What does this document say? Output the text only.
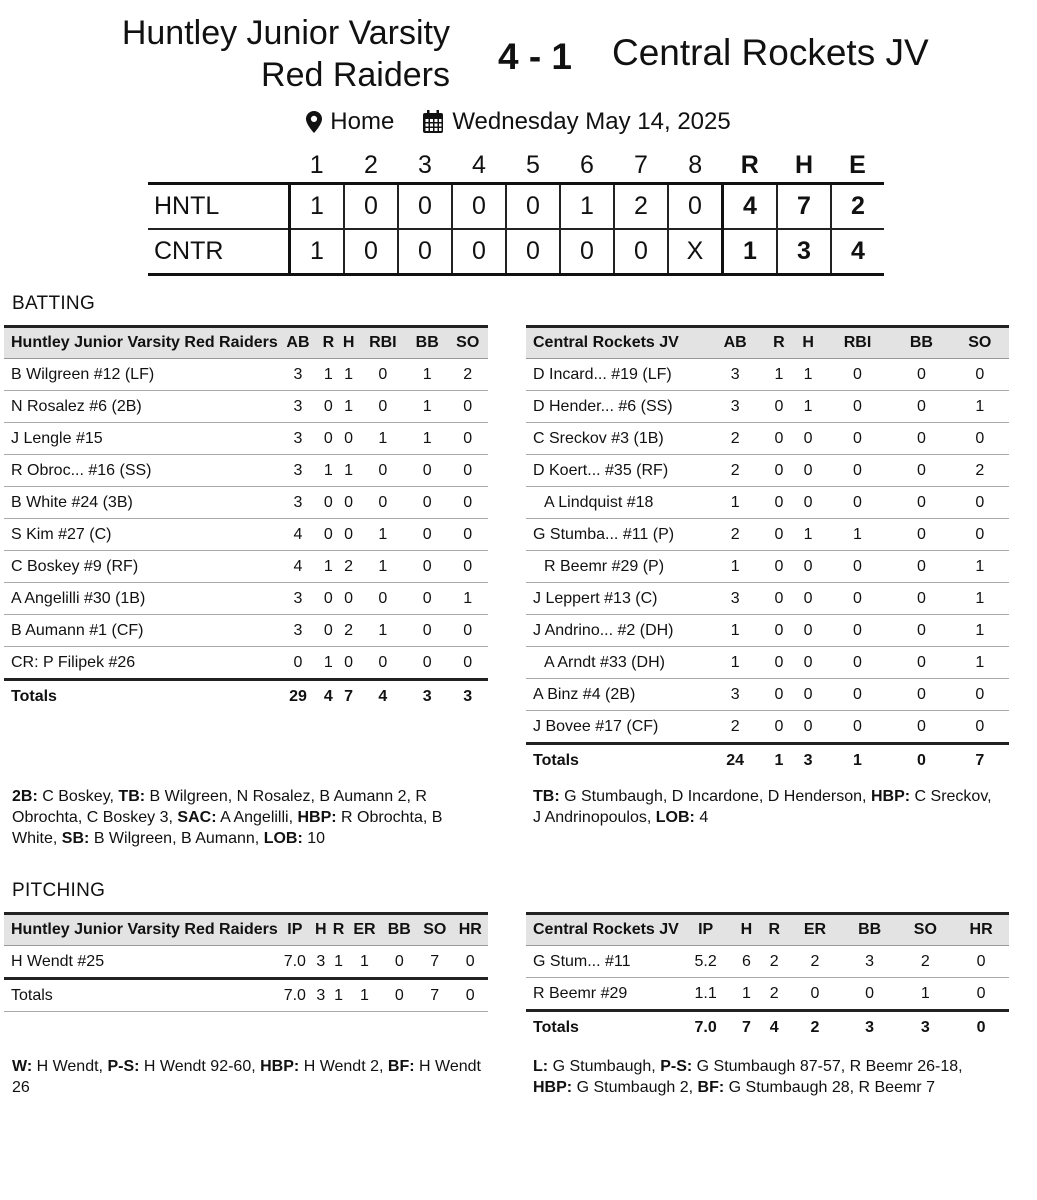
Huntley Junior Varsity
Red Raiders	4 - 1	Central Rockets JV
Home Wednesday May 14, 2025
	1	2	3	4	5	6	7	8	R	H	E
HNTL	1	0	0	0	0	1	2	0	4	7	2
CNTR	1	0	0	0	0	0	0	X	1	3	4
BATTING
Huntley Junior Varsity Red Raiders	AB	R	H	RBI	BB	SO
B Wilgreen #12 (LF)	3	1	1	0	1	2
N Rosalez #6 (2B)	3	0	1	0	1	0
J Lengle #15	3	0	0	1	1	0
R Obroc... #16 (SS)	3	1	1	0	0	0
B White #24 (3B)	3	0	0	0	0	0
S Kim #27 (C)	4	0	0	1	0	0
C Boskey #9 (RF)	4	1	2	1	0	0
A Angelilli #30 (1B)	3	0	0	0	0	1
B Aumann #1 (CF)	3	0	2	1	0	0
CR: P Filipek #26	0	1	0	0	0	0
Totals	29	4	7	4	3	3
Central Rockets JV	AB	R	H	RBI	BB	SO
D Incard... #19 (LF)	3	1	1	0	0	0
D Hender... #6 (SS)	3	0	1	0	0	1
C Sreckov #3 (1B)	2	0	0	0	0	0
D Koert... #35 (RF)	2	0	0	0	0	2
A Lindquist #18	1	0	0	0	0	0
G Stumba... #11 (P)	2	0	1	1	0	0
R Beemr #29 (P)	1	0	0	0	0	1
J Leppert #13 (C)	3	0	0	0	0	1
J Andrino... #2 (DH)	1	0	0	0	0	1
A Arndt #33 (DH)	1	0	0	0	0	1
A Binz #4 (2B)	3	0	0	0	0	0
J Bovee #17 (CF)	2	0	0	0	0	0
Totals	24	1	3	1	0	7
2B: C Boskey, TB: B Wilgreen, N Rosalez, B Aumann 2, R Obrochta, C Boskey 3, SAC: A Angelilli, HBP: R Obrochta, B White, SB: B Wilgreen, B Aumann, LOB: 10
TB: G Stumbaugh, D Incardone, D Henderson, HBP: C Sreckov, J Andrinopoulos, LOB: 4
PITCHING
Huntley Junior Varsity Red Raiders	IP	H	R	ER	BB	SO	HR
H Wendt #25	7.0	3	1	1	0	7	0
Totals	7.0	3	1	1	0	7	0
Central Rockets JV	IP	H	R	ER	BB	SO	HR
G Stum... #11	5.2	6	2	2	3	2	0
R Beemr #29	1.1	1	2	0	0	1	0
Totals	7.0	7	4	2	3	3	0
W: H Wendt, P-S: H Wendt 92-60, HBP: H Wendt 2, BF: H Wendt 26
L: G Stumbaugh, P-S: G Stumbaugh 87-57, R Beemr 26-18, HBP: G Stumbaugh 2, BF: G Stumbaugh 28, R Beemr 7
